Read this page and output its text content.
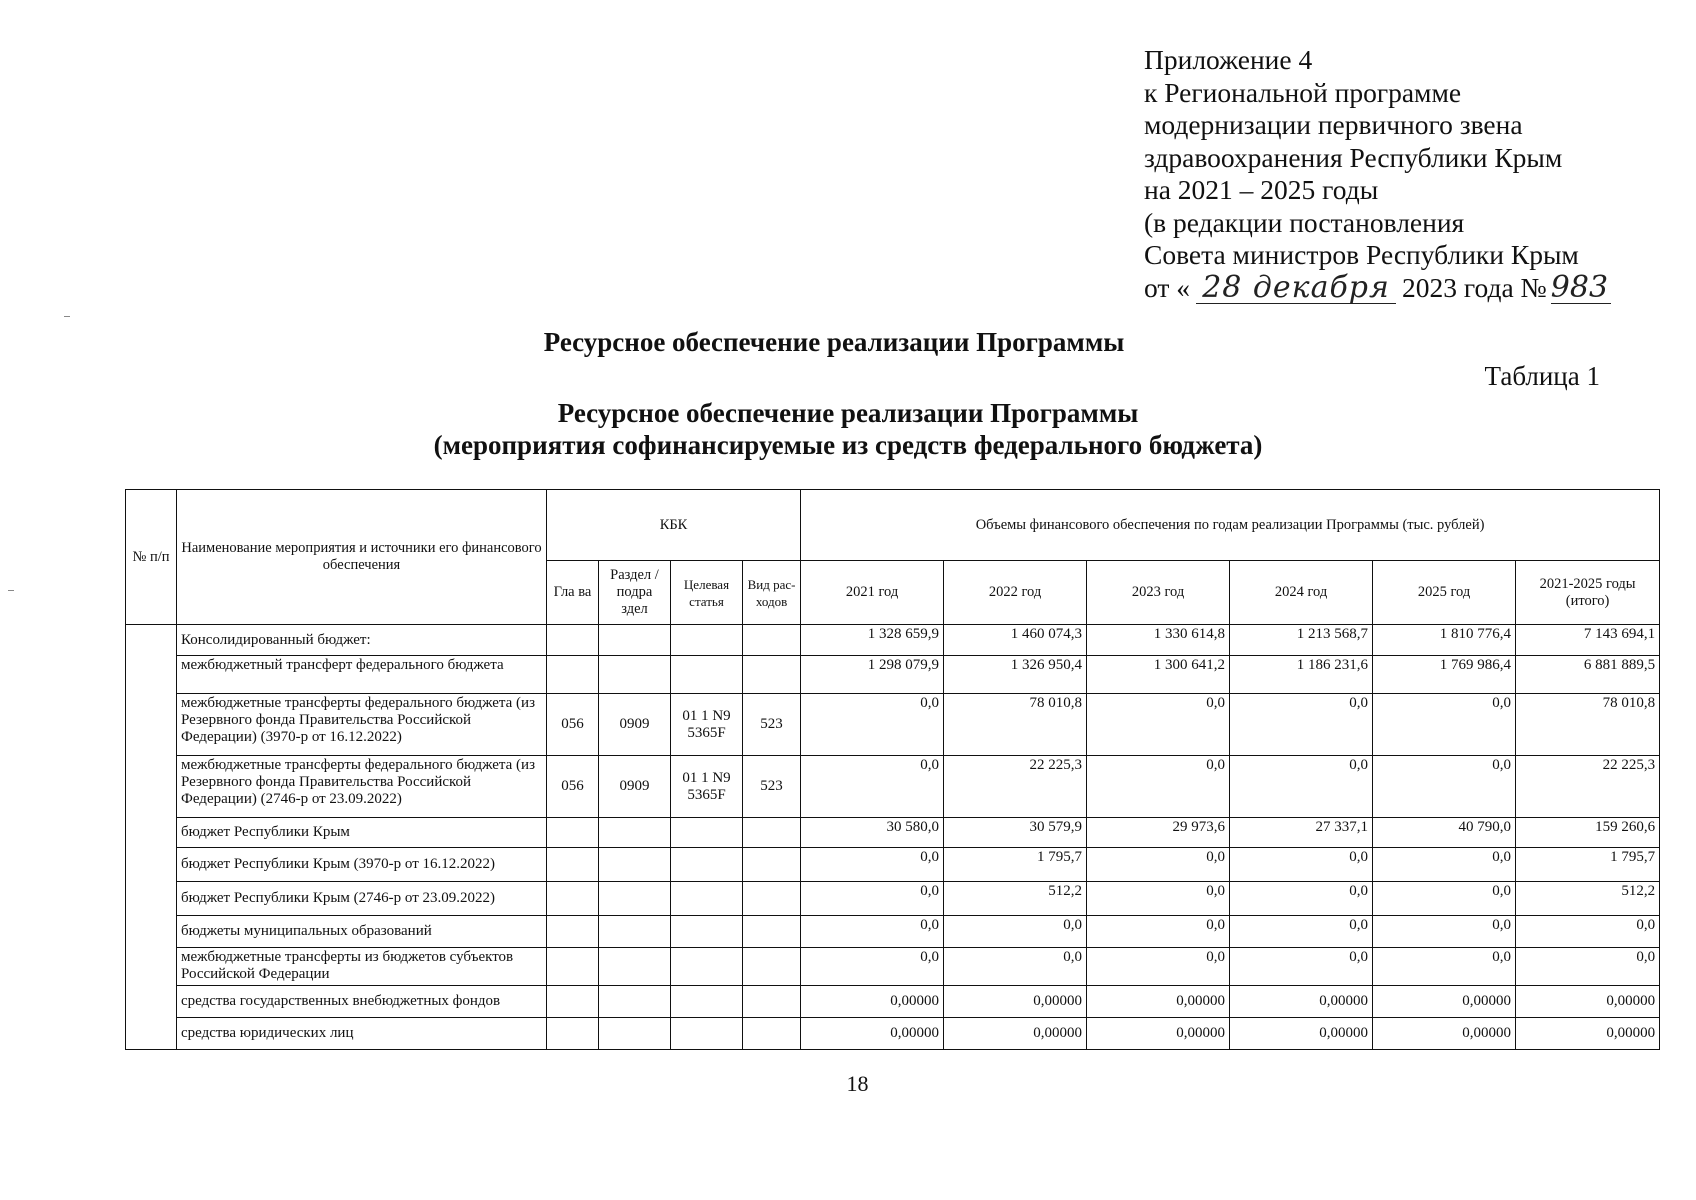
Приложение 4
к Региональной программе
модернизации первичного звена
здравоохранения Республики Крым
на 2021 – 2025 годы
(в редакции постановления
Совета министров Республики Крым
от « 28 декабря 2023 года № 983
Ресурсное обеспечение реализации Программы
Таблица 1
Ресурсное обеспечение реализации Программы
(мероприятия софинансируемые из средств федерального бюджета)
№ п/п	Наименование мероприятия и источники его финансового обеспечения	КБК				Объемы финансового обеспечения по годам реализации Программы (тыс. рублей)					
		Гла ва	Раздел /подра здел	Целевая статья	Вид рас- ходов	2021 год	2022 год	2023 год	2024 год	2025 год	2021-2025 годы (итого)
	Консолидированный бюджет:					1 328 659,9	1 460 074,3	1 330 614,8	1 213 568,7	1 810 776,4	7 143 694,1
	межбюджетный трансферт федерального бюджета					1 298 079,9	1 326 950,4	1 300 641,2	1 186 231,6	1 769 986,4	6 881 889,5
	межбюджетные трансферты федерального бюджета (из Резервного фонда Правительства Российской Федерации) (3970-р от 16.12.2022)	056	0909	01 1 N9 5365F	523	0,0	78 010,8	0,0	0,0	0,0	78 010,8
	межбюджетные трансферты федерального бюджета (из Резервного фонда Правительства Российской Федерации) (2746-р от 23.09.2022)	056	0909	01 1 N9 5365F	523	0,0	22 225,3	0,0	0,0	0,0	22 225,3
	бюджет Республики Крым					30 580,0	30 579,9	29 973,6	27 337,1	40 790,0	159 260,6
	бюджет Республики Крым (3970-р от 16.12.2022)					0,0	1 795,7	0,0	0,0	0,0	1 795,7
	бюджет Республики Крым (2746-р от 23.09.2022)					0,0	512,2	0,0	0,0	0,0	512,2
	бюджеты муниципальных образований					0,0	0,0	0,0	0,0	0,0	0,0
	межбюджетные трансферты из бюджетов субъектов Российской Федерации					0,0	0,0	0,0	0,0	0,0	0,0
	средства государственных внебюджетных фондов					0,00000	0,00000	0,00000	0,00000	0,00000	0,00000
	средства юридических лиц					0,00000	0,00000	0,00000	0,00000	0,00000	0,00000
18
